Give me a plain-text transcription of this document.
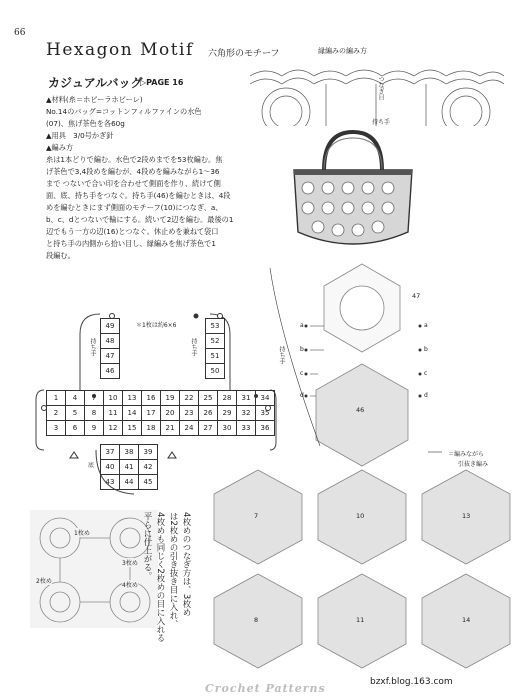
66
Hexagon Motif 六角形のモチーフ	縁編みの編み方
つなぎ目
持ち手
カジュアルバッグ
▷PAGE 16
▲材料(糸＝ホビーラホビーレ)
No.14のバッグ=コットンフィルファインの水色
(07)、焦げ茶色を各60g
▲用具　 3/0号かぎ針
▲編み方
糸は1本どりで編む。水色で2段めまでを53枚編む。焦
げ茶色で3,4段めを編むが、4段めを編みながら1～36
まで つないで合い印を合わせて側面を作り、続けて側
面、底、持ち手をつなぐ。持ち手(46)を編むときは、4段
めを編むときにまず側面のモチーフ(10)につなぎ、a、
b、c、dとつないで輪にする。続いて2辺を編む。最後の1
辺でもう一方の辺(16)とつなぐ。休止めを兼ねて袋口
と持ち手の内側から拾い目し、縁編みを焦げ茶色で1
段編む。
＊1枚は約6×6
49
48
47
46
53
52
51
50
持ち手	持ち手
1	4	7	10	13	16	19	22	25	28	31	34
2	5	8	11	14	17	20	23	26	29	32	35
3	6	9	12	15	18	21	24	27	30	33	36
37	38	39
40	41	42
43	44	45
底
1枚め
2枚め
3枚め
4枚め	4枚めのつなぎ方は、3枚め
は2枚めの引き抜き目に入れ、
4枚めも同じく2枚めの目に入れる
平らに仕上がる。
47
46
7	10	13
8	11	14
a
b
c
d
a
b
c
d
持ち手
＝編みながら
引抜き編み
Crochet Patterns	bzxf.blog.163.com
